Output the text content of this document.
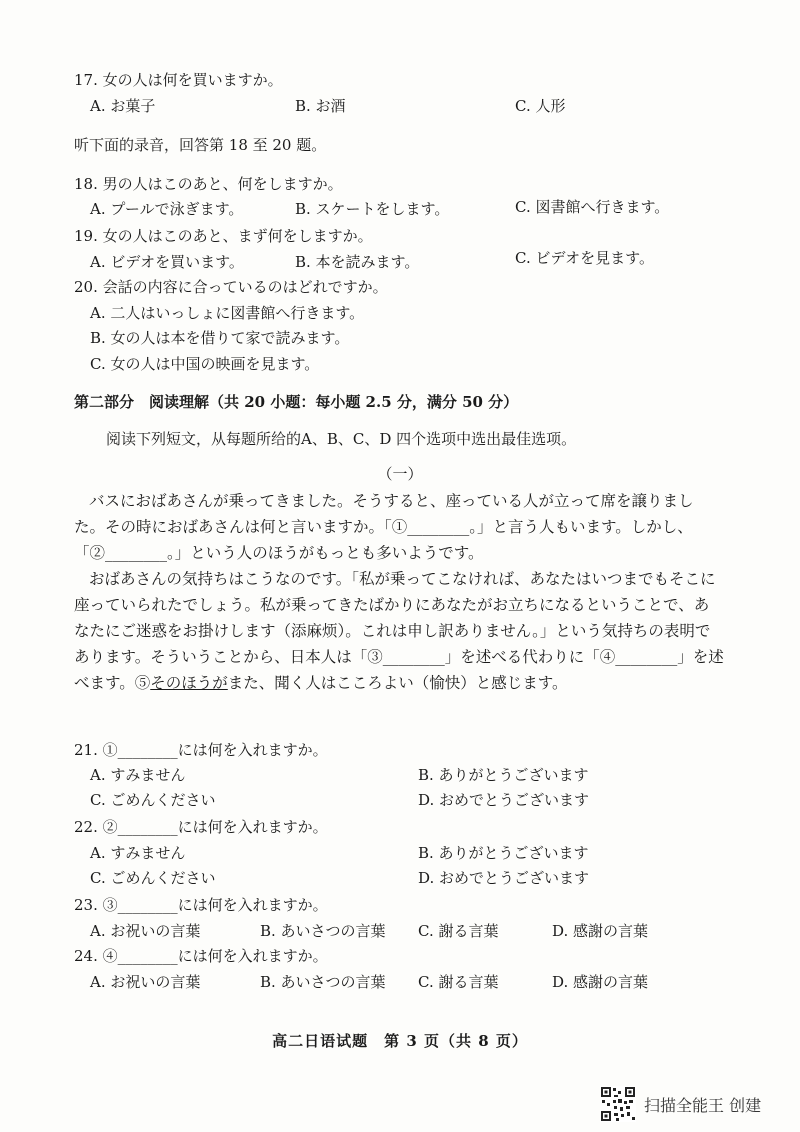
17. 女の人は何を買いますか。
A. お菓子	B. お酒	C. 人形
听下面的录音，回答第 18 至 20 题。
18. 男の人はこのあと、何をしますか。
A. プールで泳ぎます。	B. スケートをします。	C. 図書館へ行きます。
19. 女の人はこのあと、まず何をしますか。
A. ビデオを買います。	B. 本を読みます。	C. ビデオを見ます。
20. 会話の内容に合っているのはどれですか。
A. 二人はいっしょに図書館へ行きます。
B. 女の人は本を借りて家で読みます。
C. 女の人は中国の映画を見ます。
第二部分　阅读理解（共 20 小题：每小题 2.5 分，满分 50 分）
阅读下列短文，从每题所给的A、B、C、D 四个选项中选出最佳选项。
（一）
バスにおばあさんが乗ってきました。そうすると、座っている人が立って席を譲りました。その時におばあさんは何と言いますか。「①________。」と言う人もいます。しかし、「②________。」という人のほうがもっとも多いようです。
おばあさんの気持ちはこうなのです。「私が乗ってこなければ、あなたはいつまでもそこに座っていられたでしょう。私が乗ってきたばかりにあなたがお立ちになるということで、あなたにご迷惑をお掛けします（添麻烦）。これは申し訳ありません。」という気持ちの表明であります。そういうことから、日本人は「③________」を述べる代わりに「④________」を述べます。⑤そのほうがまた、聞く人はこころよい（愉快）と感じます。
21. ①________には何を入れますか。
A. すみません	B. ありがとうございます
C. ごめんください	D. おめでとうございます
22. ②________には何を入れますか。
A. すみません	B. ありがとうございます
C. ごめんください	D. おめでとうございます
23. ③________には何を入れますか。
A. お祝いの言葉	B. あいさつの言葉 C. 謝る言葉	D. 感謝の言葉
24. ④________には何を入れますか。
A. お祝いの言葉	B. あいさつの言葉 C. 謝る言葉	D. 感謝の言葉
高二日语试题　第 3 页（共 8 页）
扫描全能王 创建
